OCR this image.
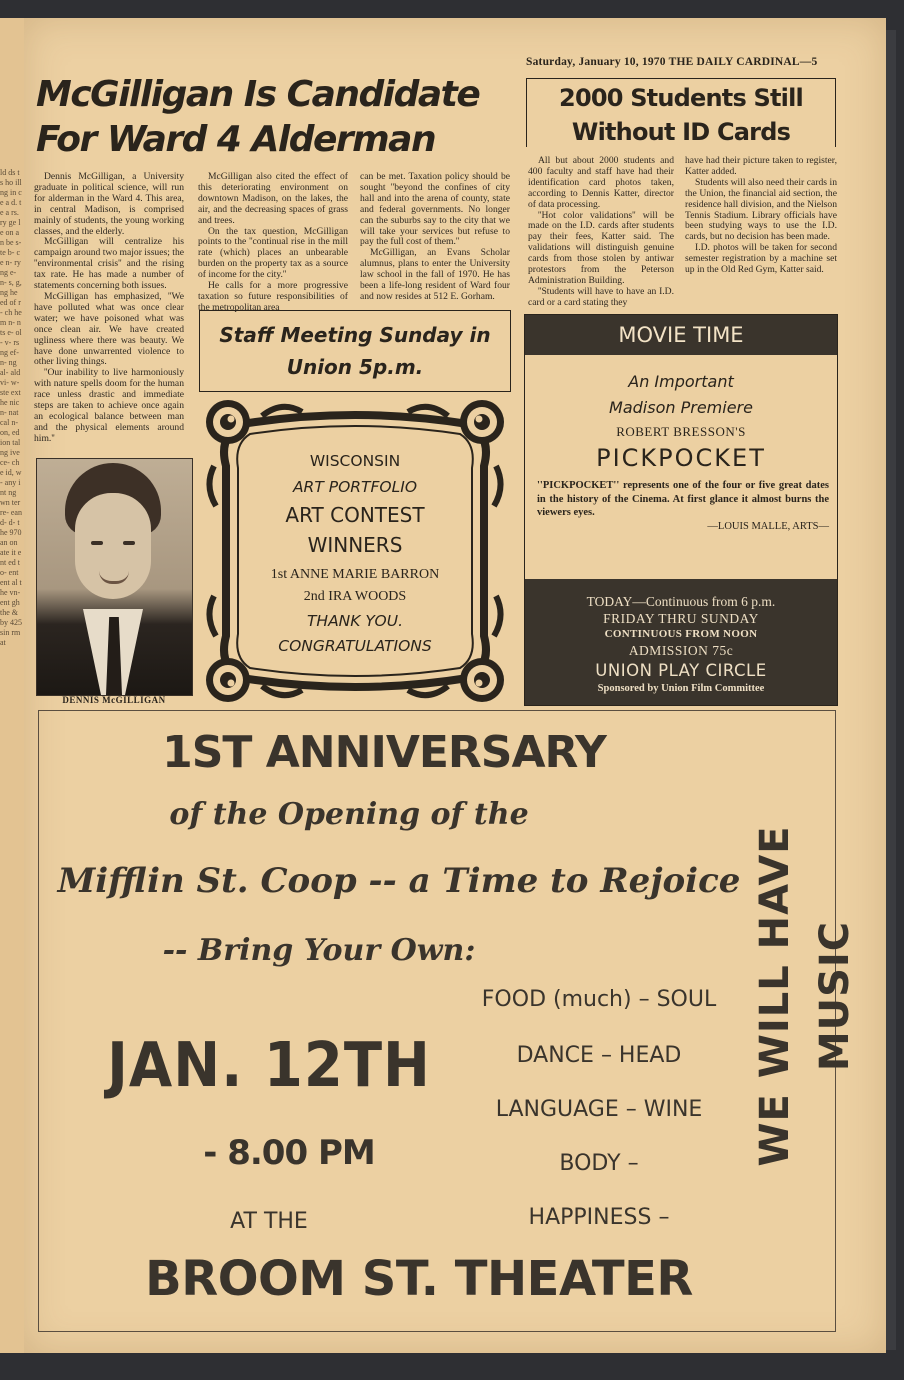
ld ds ts ho ill ng in ce a d. te a rs. ry ge le on an be s- te b- ce n- ry ng e- n- s, g, ng he ed of r- ch he m n- nts e- ol- v- rs ng ef- n- ng al- ald vi- w- ste ext he nic n- nat cal n- on, ed ion tal ng ive ce- che id, w- any int ng wn ter re- ean d- d- the 970 an on ate it ent ed to- ent ent al the vn- ent gh the & by 425 sin rm at
Saturday, January 10, 1970 THE DAILY CARDINAL—5
McGilligan Is Candidate
For Ward 4 Alderman

Dennis McGilligan, a University graduate in political science, will run for alderman in the Ward 4. This area, in central Madison, is comprised mainly of students, the young working classes, and the elderly.

McGilligan will centralize his campaign around two major issues; the ''environmental crisis'' and the rising tax rate. He has made a number of statements concerning both issues.

McGilligan has emphasized, ''We have polluted what was once clear water; we have poisoned what was once clean air. We have created ugliness where there was beauty. We have done unwarrented violence to other living things.

''Our inability to live harmoniously with nature spells doom for the human race unless drastic and immediate steps are taken to achieve once again an ecological balance between man and the physical elements around him.''

McGilligan also cited the effect of this deteriorating environment on downtown Madison, on the lakes, the air, and the decreasing spaces of grass and trees.

On the tax question, McGilligan points to the ''continual rise in the mill rate (which) places an unbearable burden on the property tax as a source of income for the city.''

He calls for a more progressive taxation so future responsibilities of the metropolitan area

can be met. Taxation policy should be sought ''beyond the confines of city hall and into the arena of county, state and federal governments. No longer can the suburbs say to the city that we will take your services but refuse to pay the full cost of them.''

McGilligan, an Evans Scholar alumnus, plans to enter the University law school in the fall of 1970. He has been a life-long resident of Ward four and now resides at 512 E. Gorham.

DENNIS McGILLIGAN
Staff Meeting Sunday in
Union 5p.m.
WISCONSIN
ART PORTFOLIO
ART CONTEST
WINNERS
1st ANNE MARIE BARRON
2nd IRA WOODS
THANK YOU.
CONGRATULATIONS
2000 Students Still
Without ID Cards

All but about 2000 students and 400 faculty and staff have had their identification card photos taken, according to Dennis Katter, director of data processing.

''Hot color validations'' will be made on the I.D. cards after students pay their fees, Katter said. The validations will distinguish genuine cards from those stolen by antiwar protestors from the Peterson Administration Building.

''Students will have to have an I.D. card or a card stating they

have had their picture taken to register, Katter added.

Students will also need their cards in the Union, the financial aid section, the residence hall division, and the Nielson Tennis Stadium. Library officials have been studying ways to use the I.D. cards, but no decision has been made.

I.D. photos will be taken for second semester registration by a machine set up in the Old Red Gym, Katter said.

MOVIE TIME
An Important
Madison Premiere
ROBERT BRESSON'S
PICKPOCKET
''PICKPOCKET'' represents one of the four or five great dates in the history of the Cinema. At first glance it almost burns the viewers eyes.
—LOUIS MALLE, ARTS—
TODAY—Continuous from 6 p.m.
FRIDAY THRU SUNDAY
CONTINUOUS FROM NOON
ADMISSION 75c
UNION PLAY CIRCLE
Sponsored by Union Film Committee
1ST ANNIVERSARY
of the Opening of the
Mifflin St. Coop -- a Time to Rejoice
-- Bring Your Own:
FOOD (much) – SOUL
DANCE – HEAD
LANGUAGE – WINE
BODY –
HAPPINESS –
JAN. 12TH
- 8.00 PM
AT THE
BROOM ST. THEATER
WE WILL HAVE MUSIC
